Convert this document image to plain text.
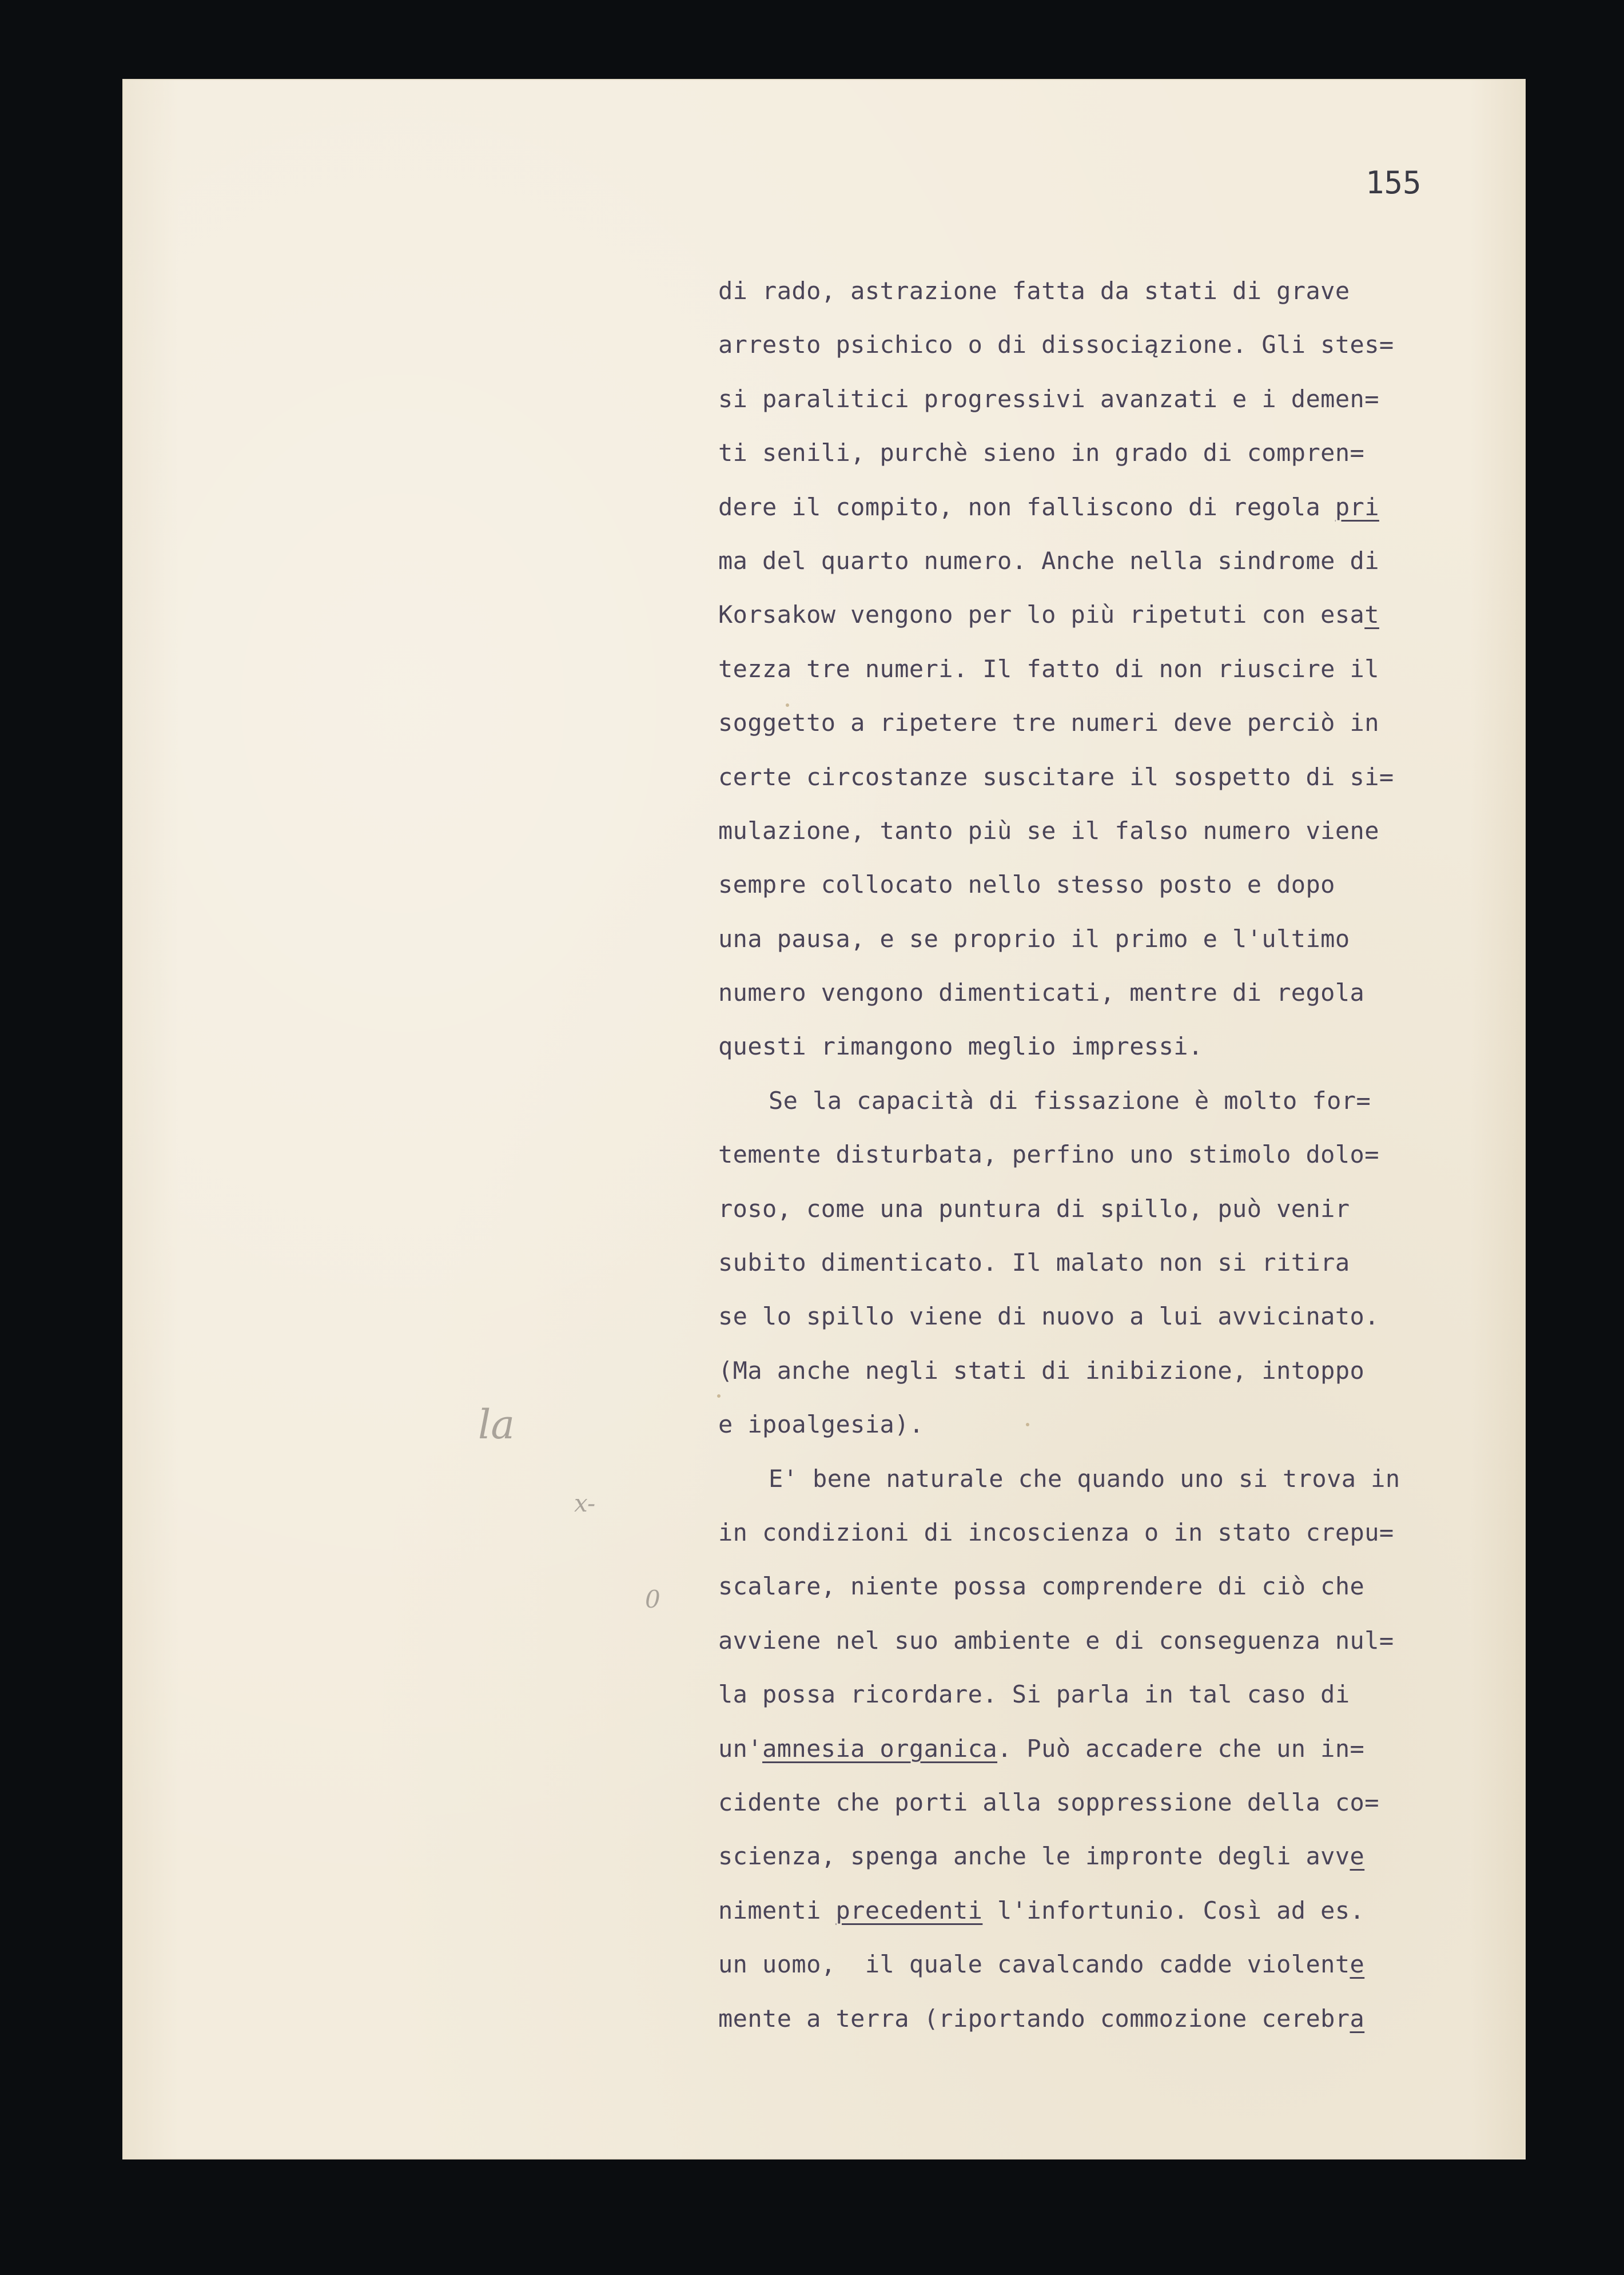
155
la
x-
0
di rado, astrazione fatta da stati di grave
arresto psichico o di dissociązione. Gli stes=
si paralitici progressivi avanzati e i demen=
ti senili, purchè sieno in grado di compren=
dere il compito, non falliscono di regola pri
ma del quarto numero. Anche nella sindrome di
Korsakow vengono per lo più ripetuti con esat
tezza tre numeri. Il fatto di non riuscire il
soggetto a ripetere tre numeri deve perciò in
certe circostanze suscitare il sospetto di si=
mulazione, tanto più se il falso numero viene
sempre collocato nello stesso posto e dopo
una pausa, e se proprio il primo e l'ultimo
numero vengono dimenticati, mentre di regola
questi rimangono meglio impressi.
Se la capacità di fissazione è molto for=
temente disturbata, perfino uno stimolo dolo=
roso, come una puntura di spillo, può venir
subito dimenticato. Il malato non si ritira
se lo spillo viene di nuovo a lui avvicinato.
(Ma anche negli stati di inibizione, intoppo
e ipoalgesia).
E' bene naturale che quando uno si trova in
in condizioni di incoscienza o in stato crepu=
scalare, niente possa comprendere di ciò che
avviene nel suo ambiente e di conseguenza nul=
la possa ricordare. Si parla in tal caso di
un'amnesia organica. Può accadere che un in=
cidente che porti alla soppressione della co=
scienza, spenga anche le impronte degli avve
nimenti precedenti l'infortunio. Così ad es.
un uomo,  il quale cavalcando cadde violente
mente a terra (riportando commozione cerebra
